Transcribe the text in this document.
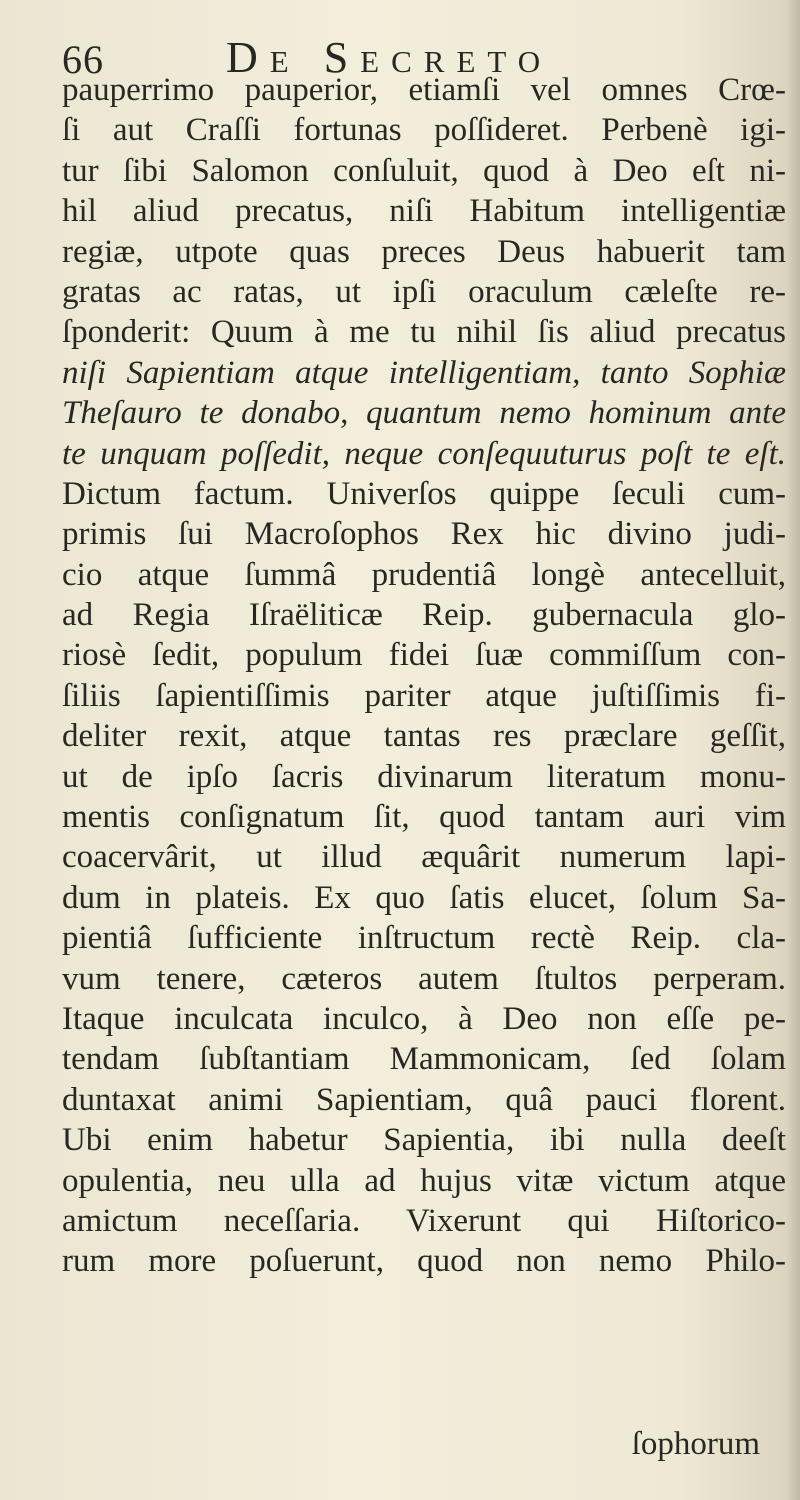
66	De Secreto
pauperrimo pauperior, etiamſi vel omnes Crœ-
ſi aut Craſſi fortunas poſſideret. Perbenè igi-
tur ſibi Salomon conſuluit, quod à Deo eſt ni-
hil aliud precatus, niſi Habitum intelligentiæ
regiæ, utpote quas preces Deus habuerit tam
gratas ac ratas, ut ipſi oraculum cæleſte re-
ſponderit: Quum à me tu nihil ſis aliud precatus
niſi Sapientiam atque intelligentiam, tanto Sophiæ
Theſauro te donabo, quantum nemo hominum ante
te unquam poſſedit, neque conſequuturus poſt te eſt.
Dictum factum. Univerſos quippe ſeculi cum-
primis ſui Macroſophos Rex hic divino judi-
cio atque ſummâ prudentiâ longè antecelluit,
ad Regia Iſraëliticæ Reip. gubernacula glo-
riosè ſedit, populum fidei ſuæ commiſſum con-
ſiliis ſapientiſſimis pariter atque juſtiſſimis fi-
deliter rexit, atque tantas res præclare geſſit,
ut de ipſo ſacris divinarum literatum monu-
mentis conſignatum ſit, quod tantam auri vim
coacervârit, ut illud æquârit numerum lapi-
dum in plateis. Ex quo ſatis elucet, ſolum Sa-
pientiâ ſufficiente inſtructum rectè Reip. cla-
vum tenere, cæteros autem ſtultos perperam.
Itaque inculcata inculco, à Deo non eſſe pe-
tendam ſubſtantiam Mammonicam, ſed ſolam
duntaxat animi Sapientiam, quâ pauci florent.
Ubi enim habetur Sapientia, ibi nulla deeſt
opulentia, neu ulla ad hujus vitæ victum atque
amictum neceſſaria. Vixerunt qui Hiſtorico-
rum more poſuerunt, quod non nemo Philo-
ſophorum
